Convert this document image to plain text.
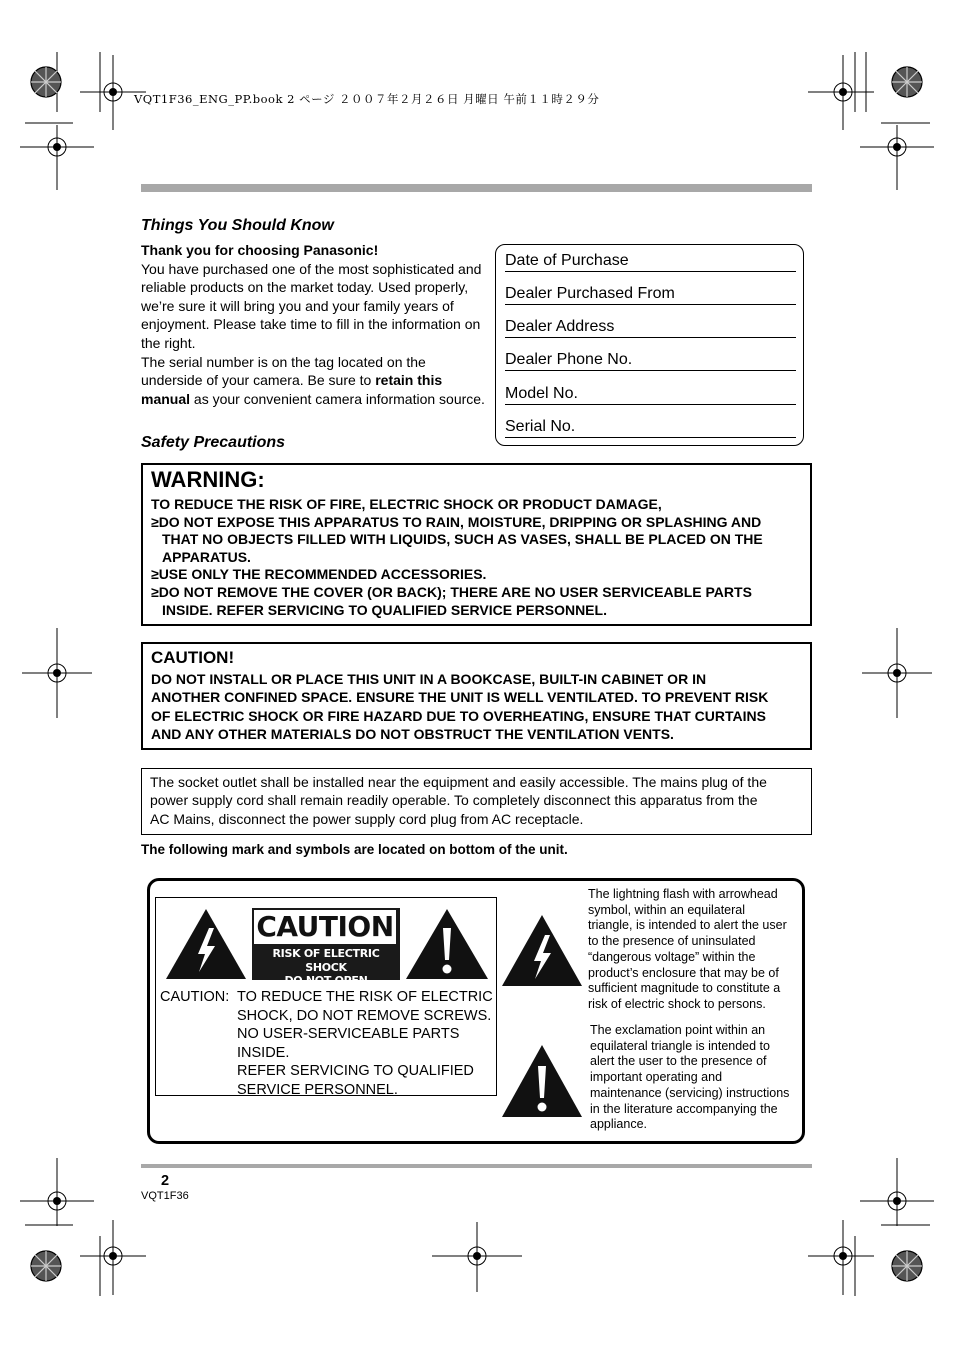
VQT1F36_ENG_PP.book 2 ページ ２００７年２月２６日 月曜日 午前１１時２９分
Things You Should Know
Thank you for choosing Panasonic!
You have purchased one of the most sophisticated and reliable products on the market today. Used properly, we’re sure it will bring you and your family years of enjoyment. Please take time to fill in the information on the right.
The serial number is on the tag located on the underside of your camera. Be sure to retain this manual as your convenient camera information source.
Date of Purchase
Dealer Purchased From
Dealer Address
Dealer Phone No.
Model No.
Serial No.
Safety Precautions
WARNING:
TO REDUCE THE RISK OF FIRE, ELECTRIC SHOCK OR PRODUCT DAMAGE,
≥DO NOT EXPOSE THIS APPARATUS TO RAIN, MOISTURE, DRIPPING OR SPLASHING AND
THAT NO OBJECTS FILLED WITH LIQUIDS, SUCH AS VASES, SHALL BE PLACED ON THE
APPARATUS.
≥USE ONLY THE RECOMMENDED ACCESSORIES.
≥DO NOT REMOVE THE COVER (OR BACK); THERE ARE NO USER SERVICEABLE PARTS
INSIDE. REFER SERVICING TO QUALIFIED SERVICE PERSONNEL.
CAUTION!
DO NOT INSTALL OR PLACE THIS UNIT IN A BOOKCASE, BUILT-IN CABINET OR IN
ANOTHER CONFINED SPACE. ENSURE THE UNIT IS WELL VENTILATED. TO PREVENT RISK
OF ELECTRIC SHOCK OR FIRE HAZARD DUE TO OVERHEATING, ENSURE THAT CURTAINS
AND ANY OTHER MATERIALS DO NOT OBSTRUCT THE VENTILATION VENTS.
The socket outlet shall be installed near the equipment and easily accessible. The mains plug of the
power supply cord shall remain readily operable. To completely disconnect this apparatus from the
AC Mains, disconnect the power supply cord plug from AC receptacle.
The following mark and symbols are located on bottom of the unit.
CAUTION
RISK OF ELECTRIC SHOCK
DO NOT OPEN
CAUTION: TO REDUCE THE RISK OF ELECTRIC
SHOCK, DO NOT REMOVE SCREWS.
NO USER-SERVICEABLE PARTS
INSIDE.
REFER SERVICING TO QUALIFIED
SERVICE PERSONNEL.
The lightning flash with arrowhead
symbol, within an equilateral
triangle, is intended to alert the user
to the presence of uninsulated
“dangerous voltage” within the
product’s enclosure that may be of
sufficient magnitude to constitute a
risk of electric shock to persons.
The exclamation point within an
equilateral triangle is intended to
alert the user to the presence of
important operating and
maintenance (servicing) instructions
in the literature accompanying the
appliance.
2
VQT1F36
